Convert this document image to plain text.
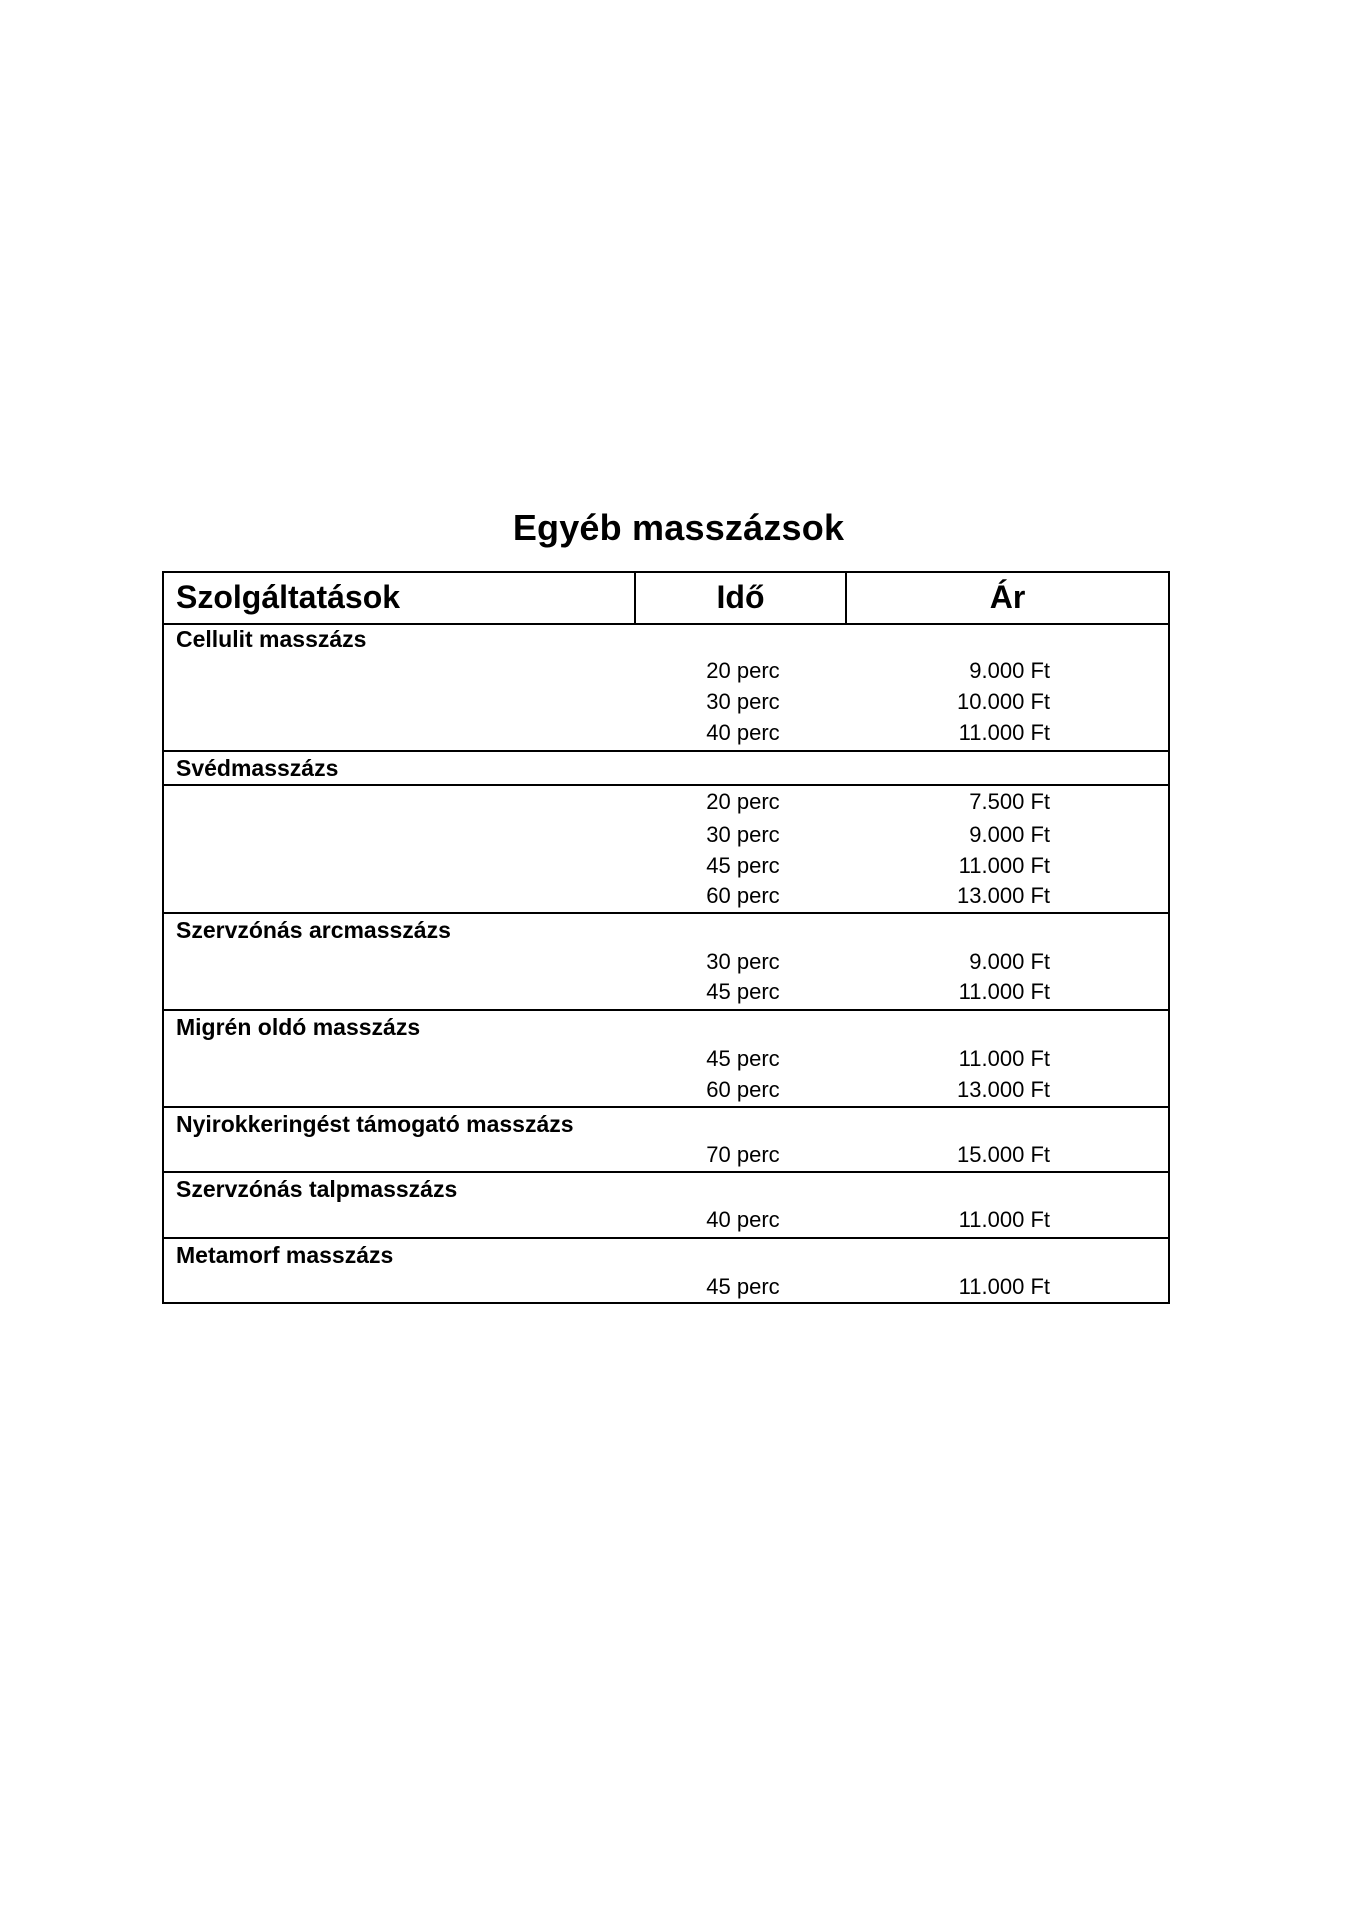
Egyéb masszázsok
Szolgáltatások	Idő	Ár
Cellulit masszázs
20 perc	9.000 Ft
30 perc	10.000 Ft
40 perc	11.000 Ft
Svédmasszázs
20 perc	7.500 Ft
30 perc	9.000 Ft
45 perc	11.000 Ft
60 perc	13.000 Ft
Szervzónás arcmasszázs
30 perc	9.000 Ft
45 perc	11.000 Ft
Migrén oldó masszázs
45 perc	11.000 Ft
60 perc	13.000 Ft
Nyirokkeringést támogató masszázs
70 perc	15.000 Ft
Szervzónás talpmasszázs
40 perc	11.000 Ft
Metamorf masszázs
45 perc	11.000 Ft
